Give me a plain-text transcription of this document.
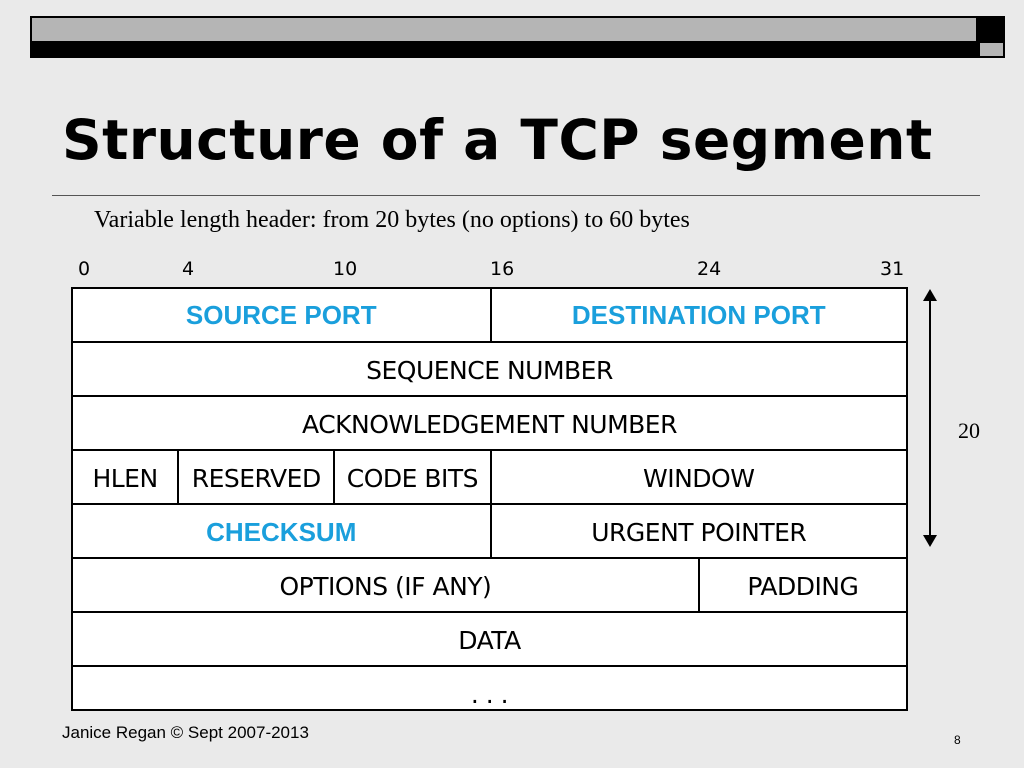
Structure of a TCP segment
Variable length header: from 20 bytes (no options) to 60 bytes
0	4	10	16	24	31
SOURCE PORT	DESTINATION PORT
SEQUENCE NUMBER
ACKNOWLEDGEMENT NUMBER
HLEN	RESERVED	CODE BITS	WINDOW
CHECKSUM	URGENT POINTER
OPTIONS (IF ANY)	PADDING
DATA
. . .
20
Janice Regan © Sept 2007-2013	8
